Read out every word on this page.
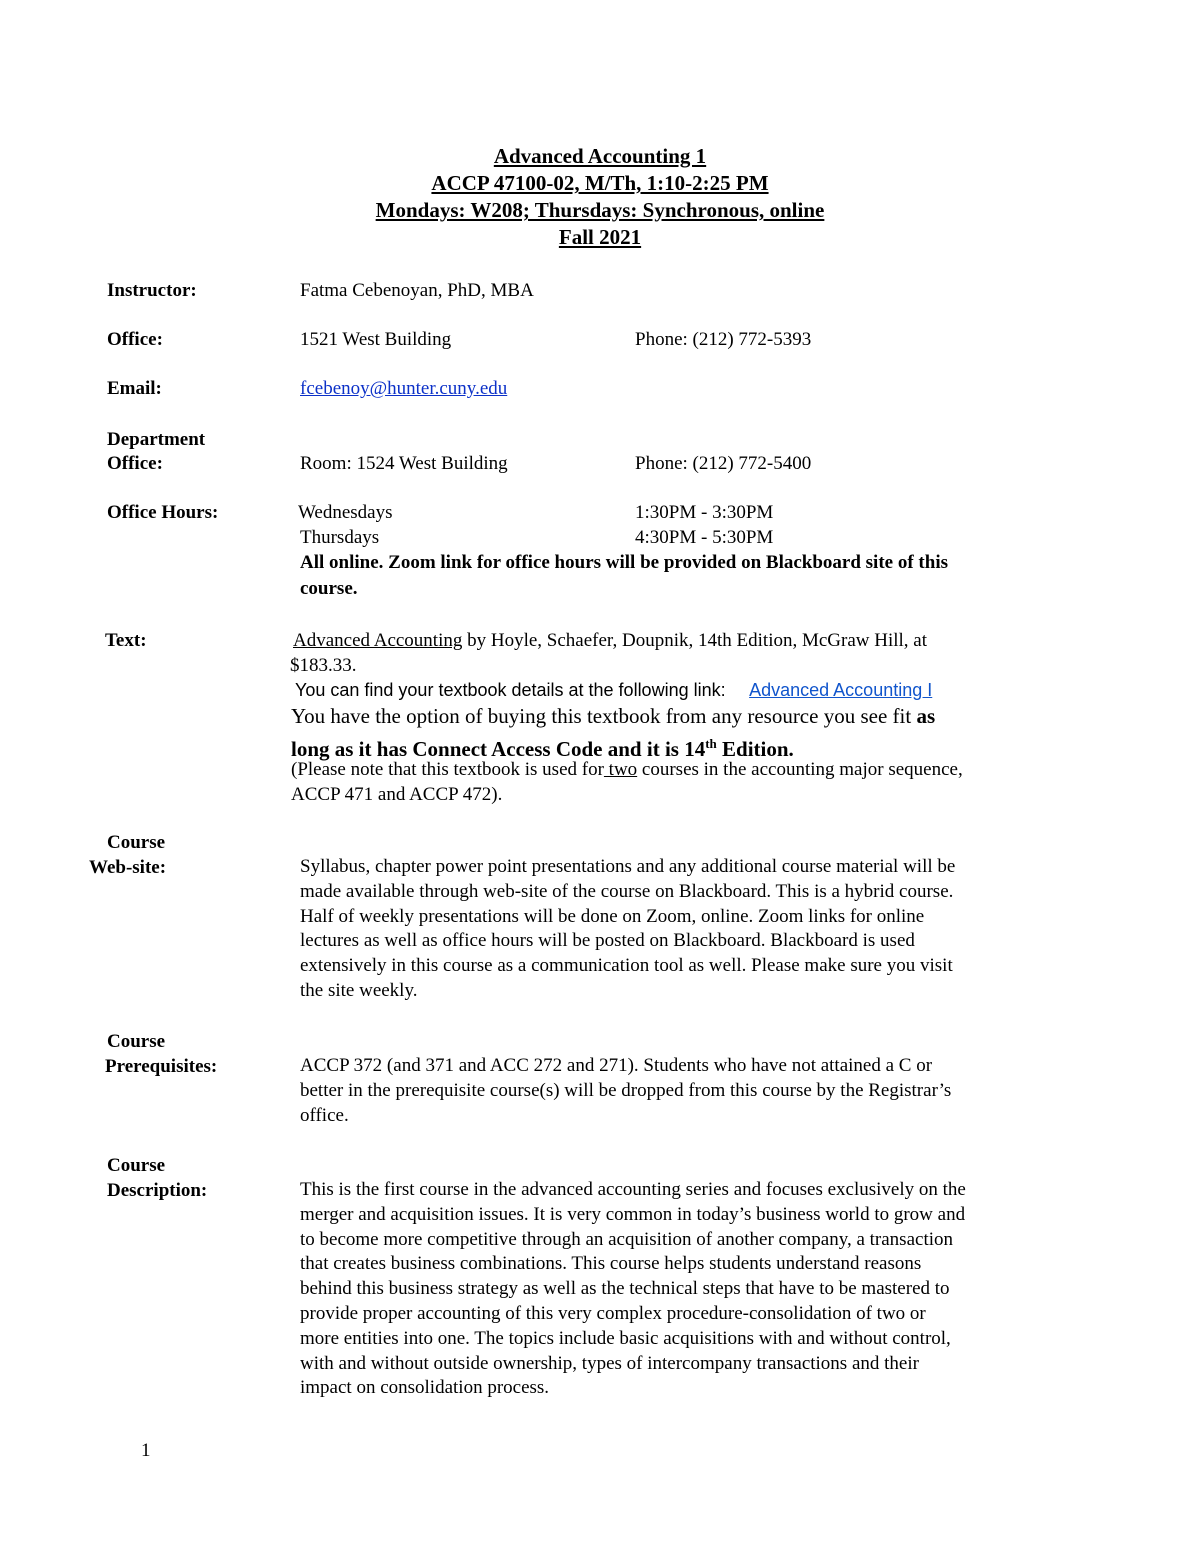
Advanced Accounting 1
ACCP 47100-02, M/Th, 1:10-2:25 PM
Mondays: W208; Thursdays: Synchronous, online
Fall 2021
Instructor:	Fatma Cebenoyan, PhD, MBA
Office:	1521 West Building	Phone: (212) 772-5393
Email:	fcebenoy@hunter.cuny.edu
Department
Office:	Room: 1524 West Building	Phone: (212) 772-5400
Office Hours:	Wednesdays	1:30PM - 3:30PM
Thursdays	4:30PM - 5:30PM
All online. Zoom link for office hours will be provided on Blackboard site of this
course.
Text:	Advanced Accounting by Hoyle, Schaefer, Doupnik, 14th Edition, McGraw Hill, at
$183.33.
You can find your textbook details at the following link: Advanced Accounting I
You have the option of buying this textbook from any resource you see fit as
long as it has Connect Access Code and it is 14th Edition.
(Please note that this textbook is used for two courses in the accounting major sequence,
ACCP 471 and ACCP 472).
Course
Web-site:	Syllabus, chapter power point presentations and any additional course material will be
made available through web-site of the course on Blackboard. This is a hybrid course.
Half of weekly presentations will be done on Zoom, online. Zoom links for online
lectures as well as office hours will be posted on Blackboard. Blackboard is used
extensively in this course as a communication tool as well. Please make sure you visit
the site weekly.
Course
Prerequisites:	ACCP 372 (and 371 and ACC 272 and 271). Students who have not attained a C or
better in the prerequisite course(s) will be dropped from this course by the Registrar’s
office.
Course
Description:	This is the first course in the advanced accounting series and focuses exclusively on the
merger and acquisition issues. It is very common in today’s business world to grow and
to become more competitive through an acquisition of another company, a transaction
that creates business combinations. This course helps students understand reasons
behind this business strategy as well as the technical steps that have to be mastered to
provide proper accounting of this very complex procedure-consolidation of two or
more entities into one. The topics include basic acquisitions with and without control,
with and without outside ownership, types of intercompany transactions and their
impact on consolidation process.
1
